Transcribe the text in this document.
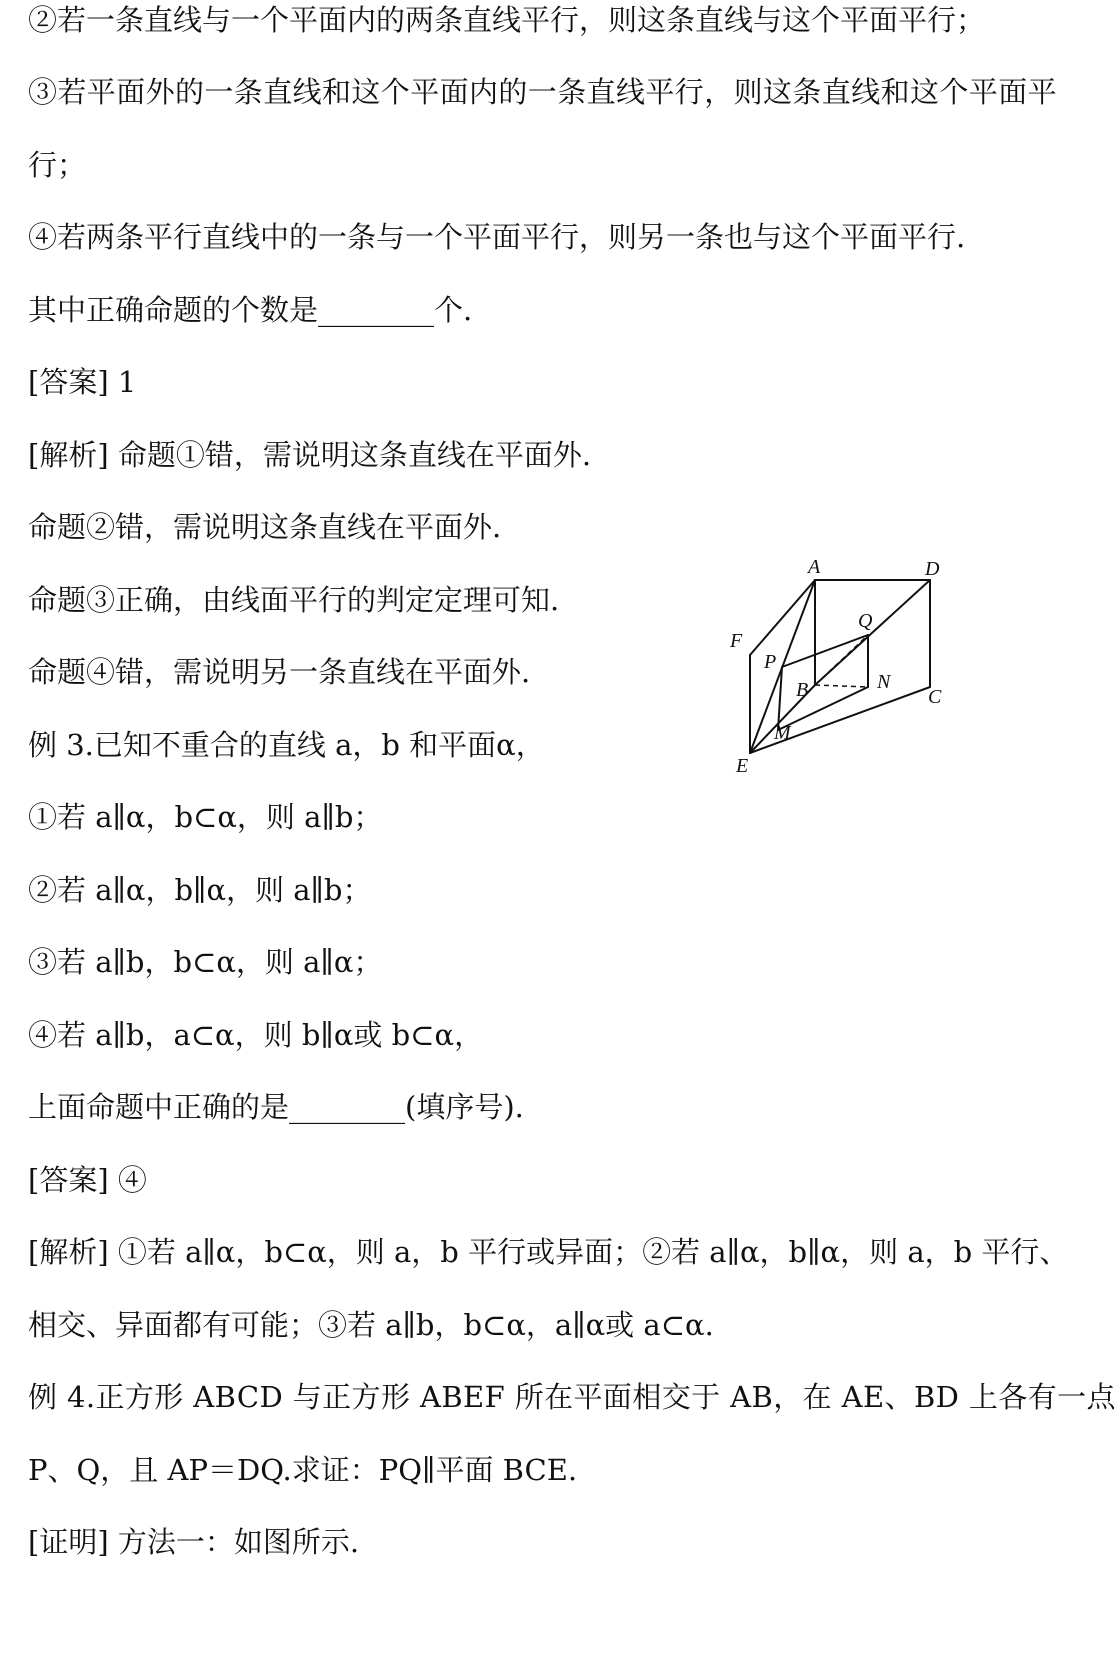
②若一条直线与一个平面内的两条直线平行，则这条直线与这个平面平行；
③若平面外的一条直线和这个平面内的一条直线平行，则这条直线和这个平面平
行；
④若两条平行直线中的一条与一个平面平行，则另一条也与这个平面平行.
其中正确命题的个数是________个.
[答案] 1
[解析] 命题①错，需说明这条直线在平面外.
命题②错，需说明这条直线在平面外.
命题③正确，由线面平行的判定定理可知.
命题④错，需说明另一条直线在平面外.
例 3.已知不重合的直线 a，b 和平面α，
①若 a∥α，b⊂α，则 a∥b；
②若 a∥α，b∥α，则 a∥b；
③若 a∥b，b⊂α，则 a∥α；
④若 a∥b，a⊂α，则 b∥α或 b⊂α，
上面命题中正确的是________(填序号).
[答案] ④
[解析] ①若 a∥α，b⊂α，则 a，b 平行或异面；②若 a∥α，b∥α，则 a，b 平行、
相交、异面都有可能；③若 a∥b，b⊂α，a∥α或 a⊂α.
例 4.正方形 ABCD 与正方形 ABEF 所在平面相交于 AB，在 AE、BD 上各有一点
P、Q，且 AP＝DQ.求证：PQ∥平面 BCE.
[证明] 方法一：如图所示.
A	D
F
Q
P
B	N
C
M
E
